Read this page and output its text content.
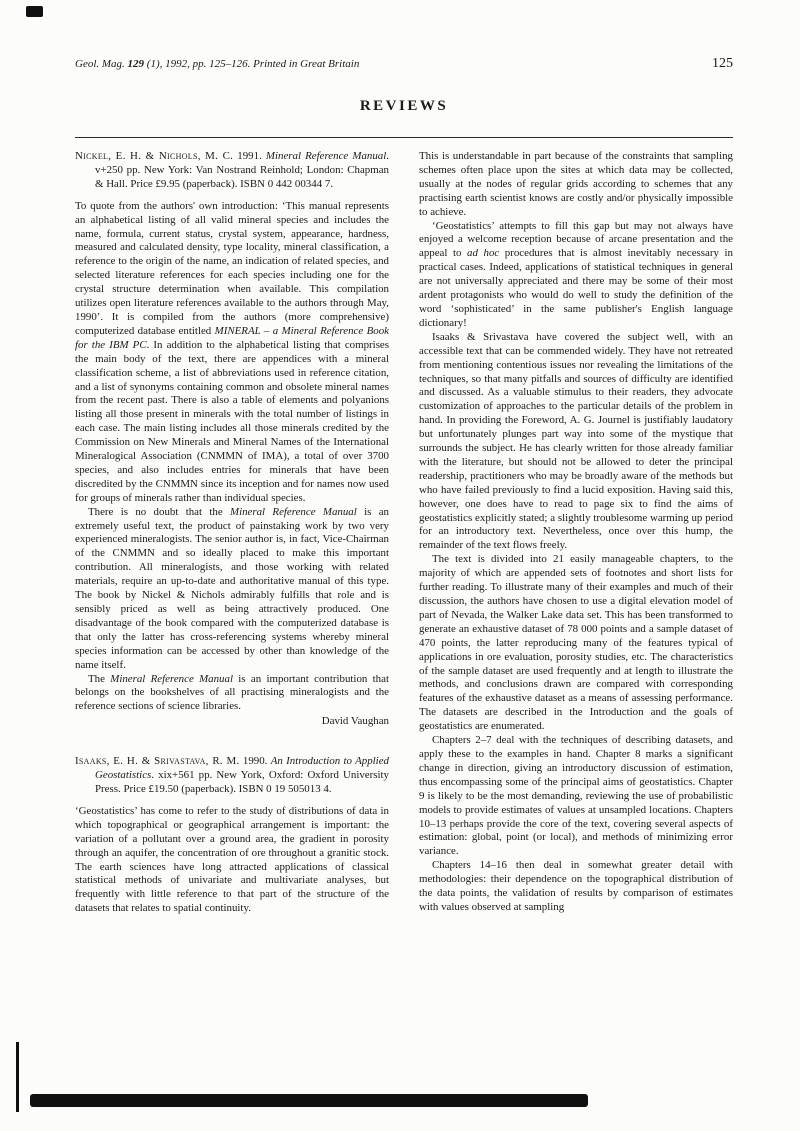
Geol. Mag. 129 (1), 1992, pp. 125–126. Printed in Great Britain	125
REVIEWS

Nickel, E. H. & Nichols, M. C. 1991. Mineral Reference Manual. v+250 pp. New York: Van Nostrand Reinhold; London: Chapman & Hall. Price £9.95 (paperback). ISBN 0 442 00344 7.

To quote from the authors' own introduction: ‘This manual represents an alphabetical listing of all valid mineral species and includes the name, formula, current status, crystal system, appearance, hardness, measured and calculated density, type locality, mineral classification, a reference to the origin of the name, an indication of related species, and selected literature references for each species including one for the crystal structure determination when available. This compilation utilizes open literature references available to the authors through May, 1990’. It is compiled from the authors (more comprehensive) computerized database entitled MINERAL – a Mineral Reference Book for the IBM PC. In addition to the alphabetical listing that comprises the main body of the text, there are appendices with a mineral classification scheme, a list of abbreviations used in reference citation, and a list of synonyms containing common and obsolete mineral names from the recent past. There is also a table of elements and polyanions listing all those present in minerals with the total number of listings in each case. The main listing includes all those minerals credited by the Commission on New Minerals and Mineral Names of the International Mineralogical Association (CNMMN of IMA), a total of over 3700 species, and also includes entries for minerals that have been discredited by the CNMMN since its inception and for names now used for groups of minerals rather than individual species.

There is no doubt that the Mineral Reference Manual is an extremely useful text, the product of painstaking work by two very experienced mineralogists. The senior author is, in fact, Vice-Chairman of the CNMMN and so ideally placed to make this important contribution. All mineralogists, and those working with related materials, require an up-to-date and authoritative manual of this type. The book by Nickel & Nichols admirably fulfills that role and is sensibly priced as well as being attractively produced. One disadvantage of the book compared with the computerized database is that only the latter has cross-referencing systems whereby mineral species information can be accessed by other than knowledge of the name itself.

The Mineral Reference Manual is an important contribution that belongs on the bookshelves of all practising mineralogists and the reference sections of science libraries.

David Vaughan

Isaaks, E. H. & Srivastava, R. M. 1990. An Introduction to Applied Geostatistics. xix+561 pp. New York, Oxford: Oxford University Press. Price £19.50 (paperback). ISBN 0 19 505013 4.

‘Geostatistics’ has come to refer to the study of distributions of data in which topographical or geographical arrangement is important: the variation of a pollutant over a ground area, the gradient in porosity through an aquifer, the concentration of ore throughout a granitic stock. The earth sciences have long attracted applications of classical statistical methods of univariate and multivariate analyses, but frequently with little reference to that part of the structure of the datasets that relates to spatial continuity.

This is understandable in part because of the constraints that sampling schemes often place upon the sites at which data may be collected, usually at the nodes of regular grids according to schemes that any practising earth scientist knows are costly and/or physically impossible to achieve.

‘Geostatistics’ attempts to fill this gap but may not always have enjoyed a welcome reception because of arcane presentation and the appeal to ad hoc procedures that is almost inevitably necessary in practical cases. Indeed, applications of statistical techniques in general are not universally appreciated and there may be some of their most ardent protagonists who would do well to study the definition of the word ‘sophisticated’ in the same publisher's English language dictionary!

Isaaks & Srivastava have covered the subject well, with an accessible text that can be commended widely. They have not retreated from mentioning contentious issues nor revealing the limitations of the techniques, so that many pitfalls and sources of difficulty are identified and discussed. As a valuable stimulus to their readers, they advocate customization of approaches to the particular details of the problem in hand. In providing the Foreword, A. G. Journel is justifiably laudatory but unfortunately plunges part way into some of the mystique that surrounds the subject. He has clearly written for those already familiar with the literature, but should not be allowed to deter the principal readership, practitioners who may be broadly aware of the methods but who have failed previously to find a lucid exposition. Having said this, however, one does have to read to page six to find the aims of geostatistics explicitly stated; a slightly troublesome warming up period for an introductory text. Nevertheless, once over this hump, the remainder of the text flows freely.

The text is divided into 21 easily manageable chapters, to the majority of which are appended sets of footnotes and short lists for further reading. To illustrate many of their examples and much of their discussion, the authors have chosen to use a digital elevation model of part of Nevada, the Walker Lake data set. This has been transformed to generate an exhaustive dataset of 78 000 points and a sample dataset of 470 points, the latter reproducing many of the features typical of applications in ore evaluation, porosity studies, etc. The characteristics of the sample dataset are used frequently and at length to illustrate the methods, and conclusions drawn are compared with corresponding features of the exhaustive dataset as a means of assessing performance. The datasets are described in the Introduction and the goals of geostatistics are enumerated.

Chapters 2–7 deal with the techniques of describing datasets, and apply these to the examples in hand. Chapter 8 marks a significant change in direction, giving an introductory discussion of estimation, thus encompassing some of the principal aims of geostatistics. Chapter 9 is likely to be the most demanding, reviewing the use of probabilistic models to provide estimates of values at unsampled locations. Chapters 10–13 perhaps provide the core of the text, covering several aspects of estimation: global, point (or local), and methods of minimizing error variance.

Chapters 14–16 then deal in somewhat greater detail with methodologies: their dependence on the topographical distribution of the data points, the validation of results by comparison of estimates with values observed at sampling
